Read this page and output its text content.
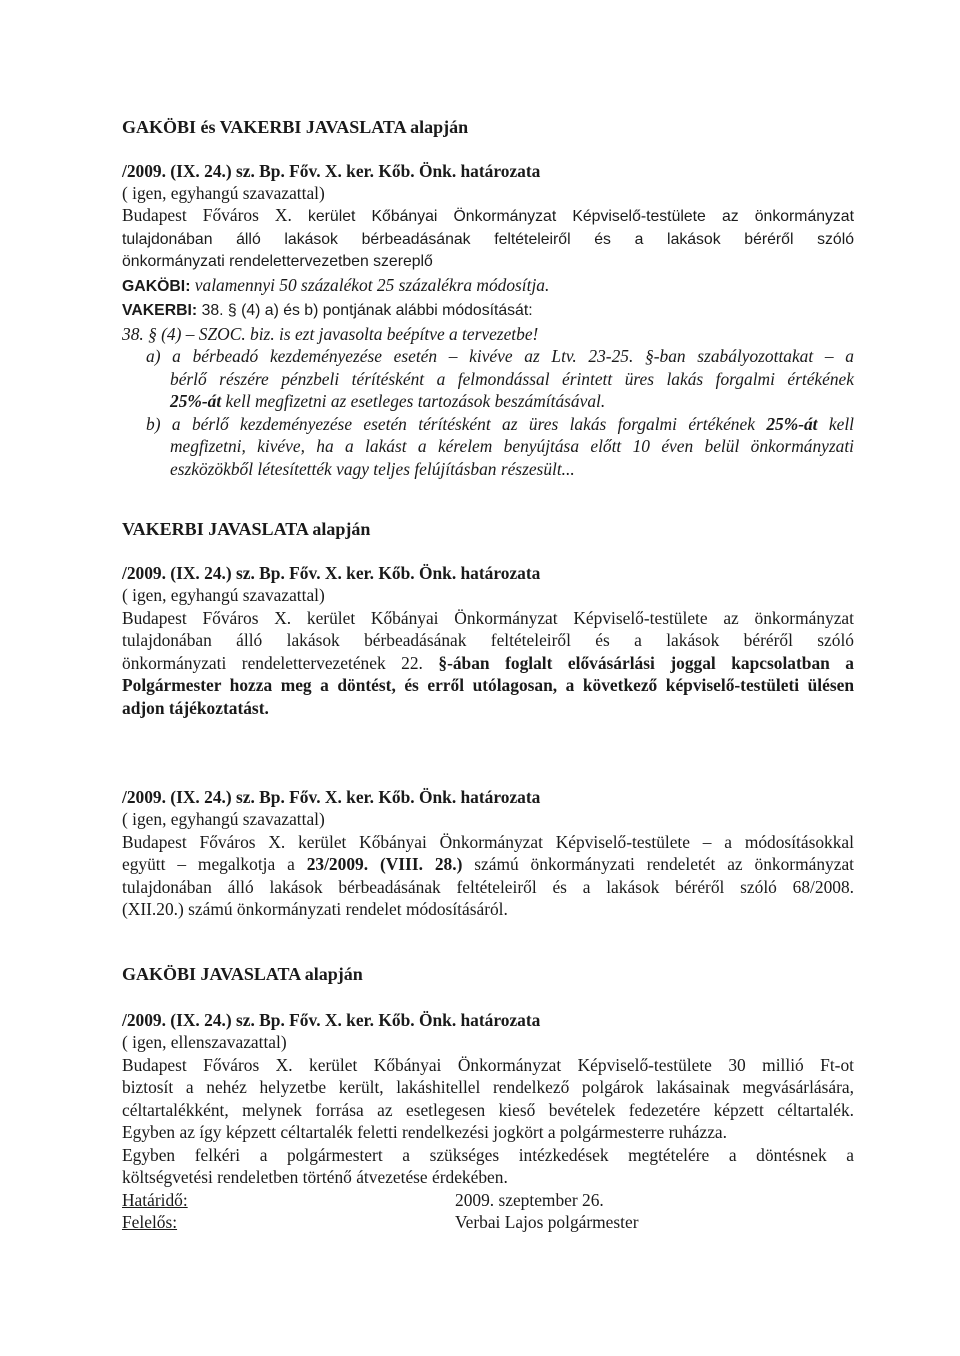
GAKÖBI és VAKERBI JAVASLATA alapján

/2009. (IX. 24.) sz. Bp. Főv. X. ker. Kőb. Önk. határozata

( igen, egyhangú szavazattal)

Budapest Főváros X. kerület Kőbányai Önkormányzat Képviselő-testülete az önkormányzat

tulajdonában álló lakások bérbeadásának feltételeiről és a lakások béréről szóló

önkormányzati rendelettervezetben szereplő

GAKÖBI: valamennyi 50 százalékot 25 százalékra módosítja.

VAKERBI: 38. § (4) a) és b) pontjának alábbi módosítását:

38. § (4) – SZOC. biz. is ezt javasolta beépítve a tervezetbe!

a) a bérbeadó kezdeményezése esetén – kivéve az Ltv. 23-25. §-ban szabályozottakat – a

bérlő részére pénzbeli térítésként a felmondással érintett üres lakás forgalmi értékének

25%-át kell megfizetni az esetleges tartozások beszámításával.

b) a bérlő kezdeményezése esetén térítésként az üres lakás forgalmi értékének 25%-át kell

megfizetni, kivéve, ha a lakást a kérelem benyújtása előtt 10 éven belül önkormányzati

eszközökből létesítették vagy teljes felújításban részesült...

VAKERBI JAVASLATA alapján

/2009. (IX. 24.) sz. Bp. Főv. X. ker. Kőb. Önk. határozata

( igen, egyhangú szavazattal)

Budapest Főváros X. kerület Kőbányai Önkormányzat Képviselő-testülete az önkormányzat

tulajdonában álló lakások bérbeadásának feltételeiről és a lakások béréről szóló

önkormányzati rendelettervezetének 22. §-ában foglalt elővásárlási joggal kapcsolatban a

Polgármester hozza meg a döntést, és erről utólagosan, a következő képviselő-testületi ülésen

adjon tájékoztatást.

/2009. (IX. 24.) sz. Bp. Főv. X. ker. Kőb. Önk. határozata

( igen, egyhangú szavazattal)

Budapest Főváros X. kerület Kőbányai Önkormányzat Képviselő-testülete – a módosításokkal

együtt – megalkotja a 23/2009. (VIII. 28.) számú önkormányzati rendeletét az önkormányzat

tulajdonában álló lakások bérbeadásának feltételeiről és a lakások béréről szóló 68/2008.

(XII.20.) számú önkormányzati rendelet módosításáról.

GAKÖBI JAVASLATA alapján

/2009. (IX. 24.) sz. Bp. Főv. X. ker. Kőb. Önk. határozata

( igen, ellenszavazattal)

Budapest Főváros X. kerület Kőbányai Önkormányzat Képviselő-testülete 30 millió Ft-ot

biztosít a nehéz helyzetbe került, lakáshitellel rendelkező polgárok lakásainak megvásárlására,

céltartalékként, melynek forrása az esetlegesen kieső bevételek fedezetére képzett céltartalék.

Egyben az így képzett céltartalék feletti rendelkezési jogkört a polgármesterre ruházza.

Egyben felkéri a polgármestert a szükséges intézkedések megtételére a döntésnek a

költségvetési rendeletben történő átvezetése érdekében.

Határidő:	2009. szeptember 26.
Felelős:	Verbai Lajos polgármester
